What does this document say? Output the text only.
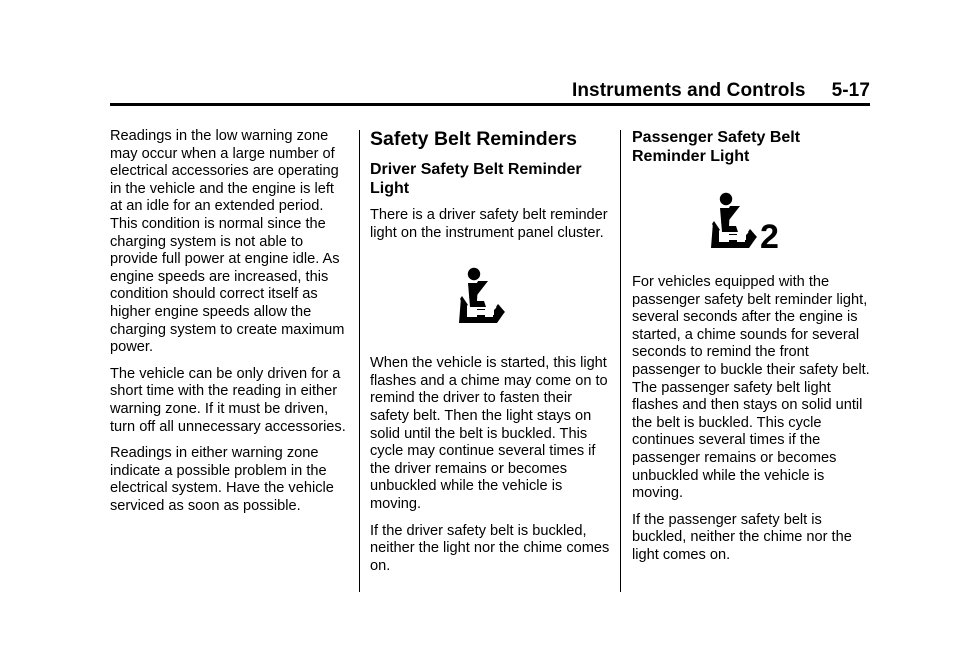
Instruments and Controls 5-17

Readings in the low warning zone may occur when a large number of electrical accessories are operating in the vehicle and the engine is left at an idle for an extended period. This condition is normal since the charging system is not able to provide full power at engine idle. As engine speeds are increased, this condition should correct itself as higher engine speeds allow the charging system to create maximum power.

The vehicle can be only driven for a short time with the reading in either warning zone. If it must be driven, turn off all unnecessary accessories.

Readings in either warning zone indicate a possible problem in the electrical system. Have the vehicle serviced as soon as possible.

Safety Belt Reminders
Driver Safety Belt Reminder Light

There is a driver safety belt reminder light on the instrument panel cluster.

When the vehicle is started, this light flashes and a chime may come on to remind the driver to fasten their safety belt. Then the light stays on solid until the belt is buckled. This cycle may continue several times if the driver remains or becomes unbuckled while the vehicle is moving.

If the driver safety belt is buckled, neither the light nor the chime comes on.

Passenger Safety Belt Reminder Light
2

For vehicles equipped with the passenger safety belt reminder light, several seconds after the engine is started, a chime sounds for several seconds to remind the front passenger to buckle their safety belt. The passenger safety belt light flashes and then stays on solid until the belt is buckled. This cycle continues several times if the passenger remains or becomes unbuckled while the vehicle is moving.

If the passenger safety belt is buckled, neither the chime nor the light comes on.
